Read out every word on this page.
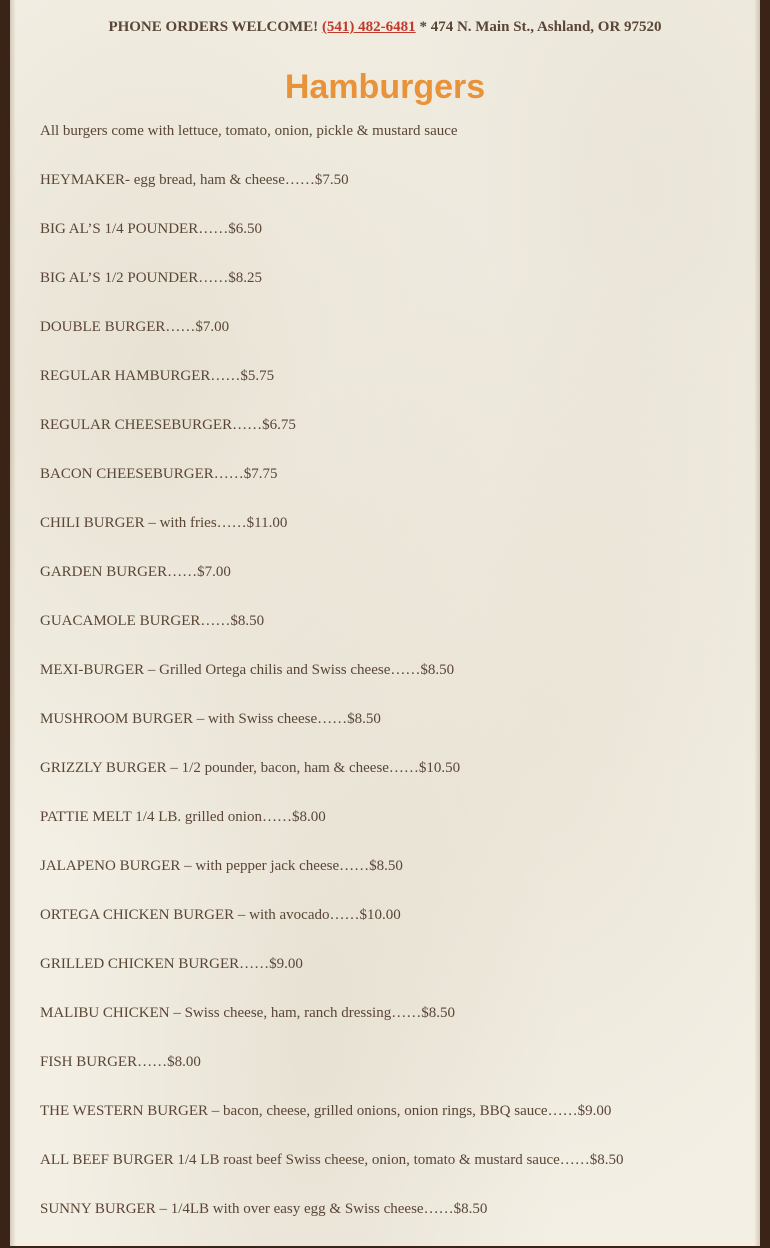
PHONE ORDERS WELCOME! (541) 482-6481 * 474 N. Main St., Ashland, OR 97520
Hamburgers
All burgers come with lettuce, tomato, onion, pickle & mustard sauce
HEYMAKER- egg bread, ham & cheese……$7.50
BIG AL’S 1/4 POUNDER……$6.50
BIG AL’S 1/2 POUNDER……$8.25
DOUBLE BURGER……$7.00
REGULAR HAMBURGER……$5.75
REGULAR CHEESEBURGER……$6.75
BACON CHEESEBURGER……$7.75
CHILI BURGER – with fries……$11.00
GARDEN BURGER……$7.00
GUACAMOLE BURGER……$8.50
MEXI-BURGER – Grilled Ortega chilis and Swiss cheese……$8.50
MUSHROOM BURGER – with Swiss cheese……$8.50
GRIZZLY BURGER – 1/2 pounder, bacon, ham & cheese……$10.50
PATTIE MELT 1/4 LB. grilled onion……$8.00
JALAPENO BURGER – with pepper jack cheese……$8.50
ORTEGA CHICKEN BURGER – with avocado……$10.00
GRILLED CHICKEN BURGER……$9.00
MALIBU CHICKEN – Swiss cheese, ham, ranch dressing……$8.50
FISH BURGER……$8.00
THE WESTERN BURGER – bacon, cheese, grilled onions, onion rings, BBQ sauce……$9.00
ALL BEEF BURGER 1/4 LB roast beef Swiss cheese, onion, tomato & mustard sauce……$8.50
SUNNY BURGER – 1/4LB with over easy egg & Swiss cheese……$8.50
